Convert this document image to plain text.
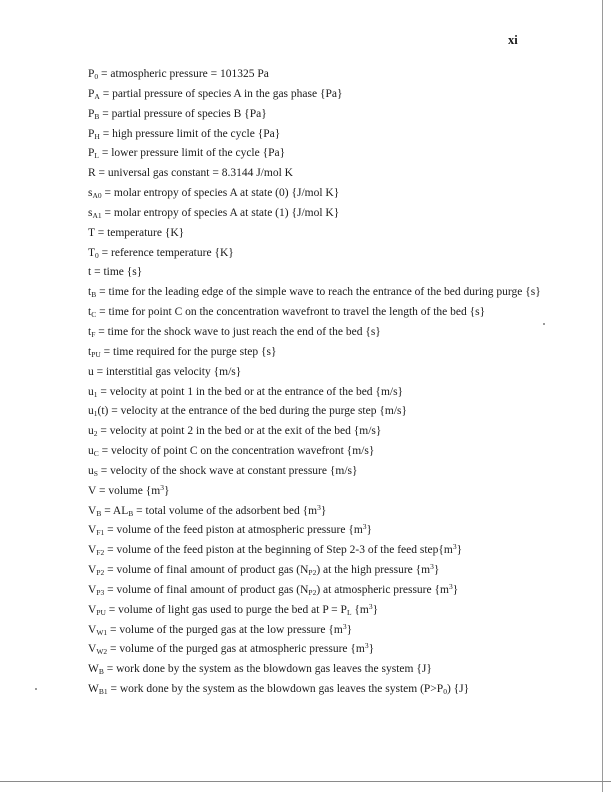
xi
$P_0$ = atmospheric pressure = 101325 Pa
$P_A$ = partial pressure of species A in the gas phase {Pa}
$P_B$ = partial pressure of species B {Pa}
$P_H$ = high pressure limit of the cycle {Pa}
$P_L$ = lower pressure limit of the cycle {Pa}
R = universal gas constant = 8.3144 J/mol K
$s_{A0}$ = molar entropy of species A at state (0) {J/mol K}
$s_{A1}$ = molar entropy of species A at state (1) {J/mol K}
T = temperature {K}
$T_0$ = reference temperature {K}
t = time {s}
$t_B$ = time for the leading edge of the simple wave to reach the entrance of the bed during purge {s}
$t_C$ = time for point C on the concentration wavefront to travel the length of the bed {s}
$t_F$ = time for the shock wave to just reach the end of the bed {s}
$t_{PU}$ = time required for the purge step {s}
u = interstitial gas velocity {m/s}
$u_1$ = velocity at point 1 in the bed or at the entrance of the bed {m/s}
$u_1(t)$ = velocity at the entrance of the bed during the purge step {m/s}
$u_2$ = velocity at point 2 in the bed or at the exit of the bed {m/s}
$u_C$ = velocity of point C on the concentration wavefront {m/s}
$u_S$ = velocity of the shock wave at constant pressure {m/s}
V = volume $\{m^3\}$
$V_B = AL_B$ = total volume of the adsorbent bed $\{m^3\}$
$V_{F1}$ = volume of the feed piston at atmospheric pressure $\{m^3\}$
$V_{F2}$ = volume of the feed piston at the beginning of Step 2-3 of the feed $step\{m^3\}$
$V_{P2}$ = volume of final amount of product gas $(N_{P2})$ at the high pressure $\{m^3\}$
$V_{P3}$ = volume of final amount of product gas $(N_{P2})$ at atmospheric pressure $\{m^3\}$
$V_{PU}$ = volume of light gas used to purge the bed at $P = P_L$ $\{m^3\}$
$V_{W1}$ = volume of the purged gas at the low pressure $\{m^3\}$
$V_{W2}$ = volume of the purged gas at atmospheric pressure $\{m^3\}$
$W_B$ = work done by the system as the blowdown gas leaves the system {J}
$W_{B1}$ = work done by the system as the blowdown gas leaves the system $(P>P_0)$ {J}
